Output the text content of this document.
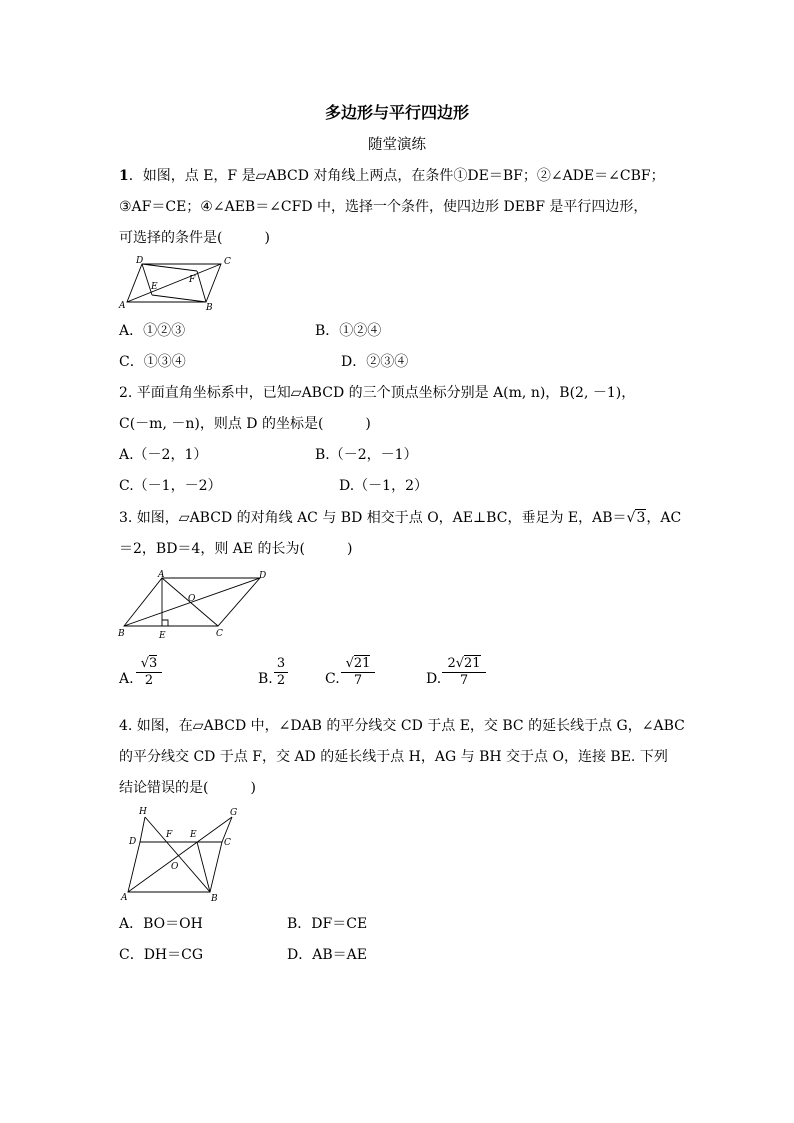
多边形与平行四边形
随堂演练
1．如图，点 E，F 是▱ABCD 对角线上两点，在条件①DE＝BF；②∠ADE＝∠CBF；
③AF＝CE；④∠AEB＝∠CFD 中，选择一个条件，使四边形 DEBF 是平行四边形，
可选择的条件是(　　　)
A	B
C
D
E
F
A．①②③	B．①②④
C．①③④	D．②③④
2. 平面直角坐标系中，已知▱ABCD 的三个顶点坐标分别是 A(m, n)，B(2, －1)，
C(－m, －n)，则点 D 的坐标是(　　　)
A.（－2，1）	B.（－2，－1）
C.（－1，－2）	D.（－1，2）
3. 如图，▱ABCD 的对角线 AC 与 BD 相交于点 O，AE⊥BC，垂足为 E，AB＝√3，AC
＝2，BD＝4，则 AE 的长为(　　　)
A
B	C
D
E
O
A.
√3
2	B.
3
2	C.
√21
7	D.
2√21
7
4. 如图，在▱ABCD 中，∠DAB 的平分线交 CD 于点 E，交 BC 的延长线于点 G，∠ABC
的平分线交 CD 于点 F，交 AD 的延长线于点 H，AG 与 BH 交于点 O，连接 BE. 下列
结论错误的是(　　　)
H	G
D	C
F E
O
A	B
A．BO＝OH	B．DF＝CE
C．DH＝CG	D．AB＝AE
